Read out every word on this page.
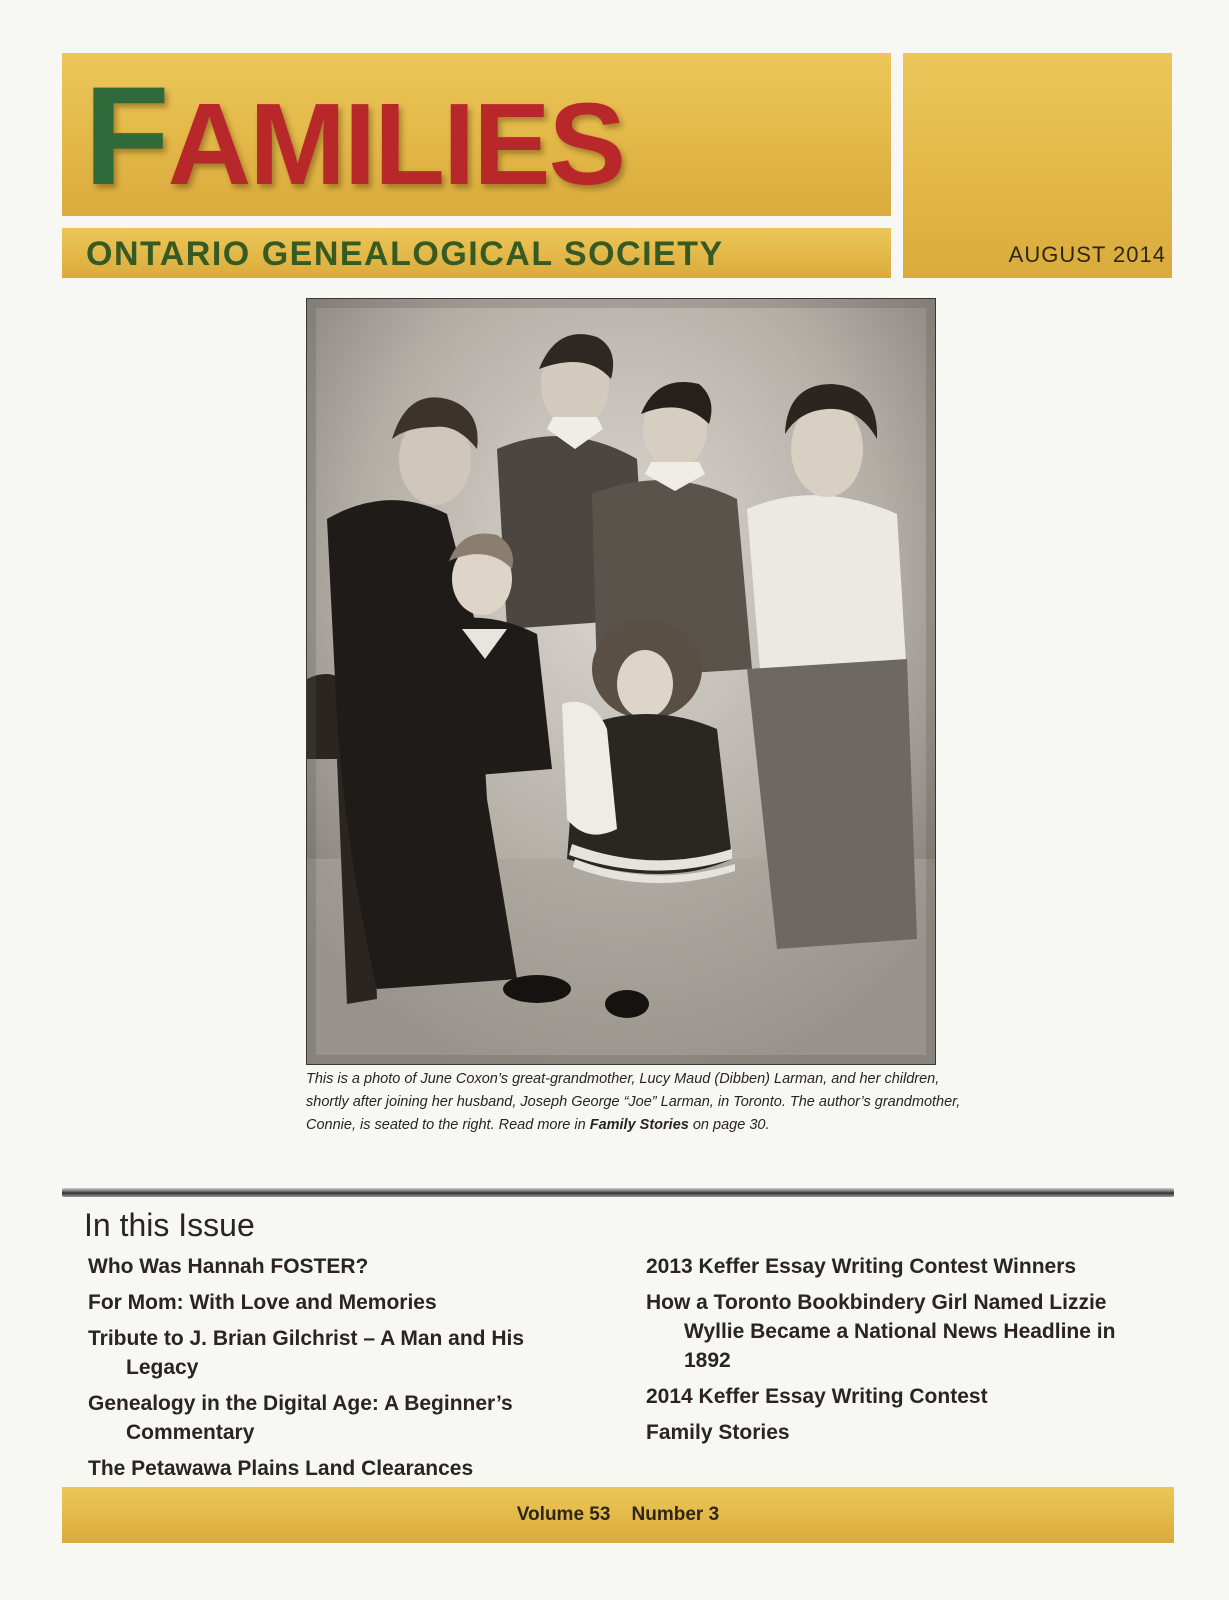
FAMILIES
ONTARIO GENEALOGICAL SOCIETY	AUGUST 2014
This is a photo of June Coxon’s great-grandmother, Lucy Maud (Dibben) Larman, and her children, shortly after joining her husband, Joseph George “Joe” Larman, in Toronto. The author’s grandmother, Connie, is seated to the right. Read more in Family Stories on page 30.
In this Issue
Who Was Hannah FOSTER?
For Mom: With Love and Memories
Tribute to J. Brian Gilchrist – A Man and His Legacy
Genealogy in the Digital Age: A Beginner’s Commentary
The Petawawa Plains Land Clearances
2013 Keffer Essay Writing Contest Winners
How a Toronto Bookbindery Girl Named Lizzie Wyllie Became a National News Headline in 1892
2014 Keffer Essay Writing Contest
Family Stories
Volume 53    Number 3
